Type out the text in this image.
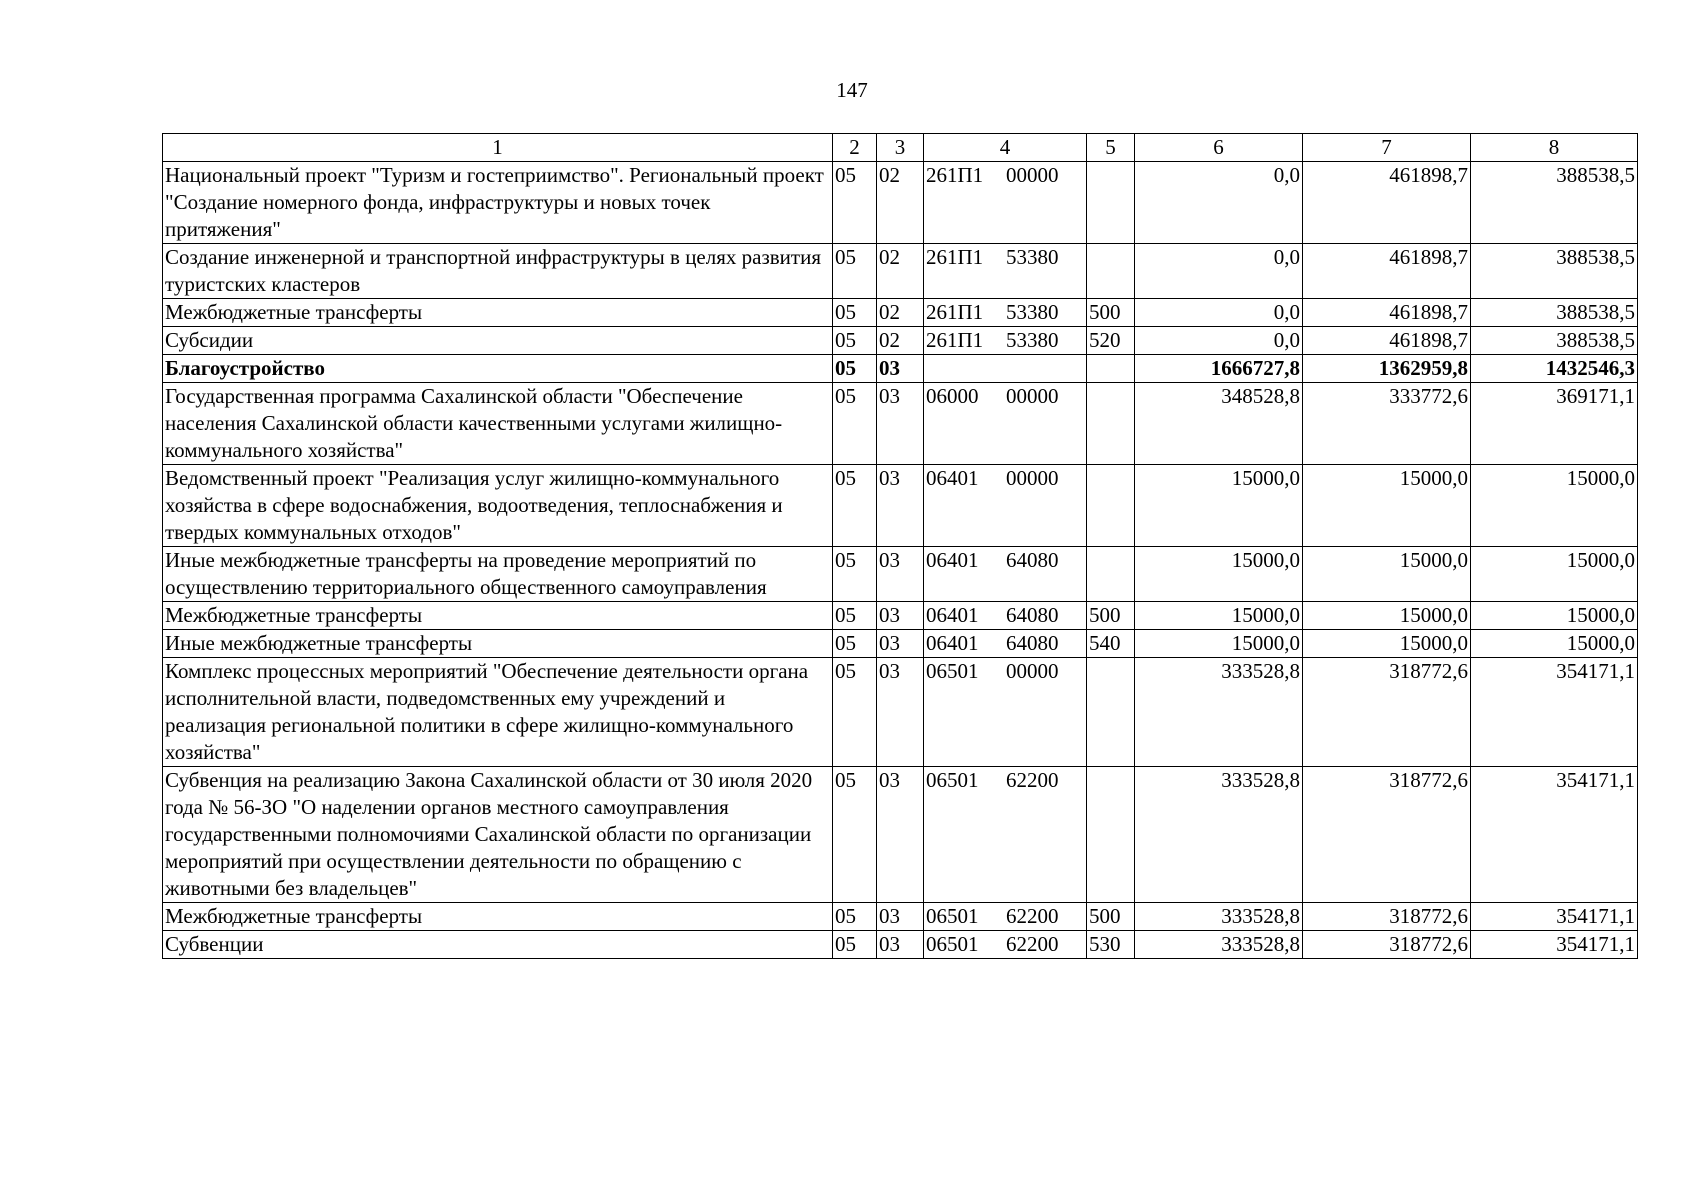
147
1	2	3	4	5	6	7	8
Национальный проект "Туризм и гостеприимство". Региональный проект "Создание номерного фонда, инфраструктуры и новых точек притяжения"	05	02	261П1 00000		0,0	461898,7	388538,5
Создание инженерной и транспортной инфраструктуры в целях развития туристских кластеров	05	02	261П1 53380		0,0	461898,7	388538,5
Межбюджетные трансферты	05	02	261П1 53380	500	0,0	461898,7	388538,5
Субсидии	05	02	261П1 53380	520	0,0	461898,7	388538,5
Благоустройство	05	03			1666727,8	1362959,8	1432546,3
Государственная программа Сахалинской области "Обеспечение населения Сахалинской области качественными услугами жилищно-коммунального хозяйства"	05	03	06000 00000		348528,8	333772,6	369171,1
Ведомственный проект "Реализация услуг жилищно-коммунального хозяйства в сфере водоснабжения, водоотведения, теплоснабжения и твердых коммунальных отходов"	05	03	06401 00000		15000,0	15000,0	15000,0
Иные межбюджетные трансферты на проведение мероприятий по осуществлению территориального общественного самоуправления	05	03	06401 64080		15000,0	15000,0	15000,0
Межбюджетные трансферты	05	03	06401 64080	500	15000,0	15000,0	15000,0
Иные межбюджетные трансферты	05	03	06401 64080	540	15000,0	15000,0	15000,0
Комплекс процессных мероприятий "Обеспечение деятельности органа исполнительной власти, подведомственных ему учреждений и реализация региональной политики в сфере жилищно-коммунального хозяйства"	05	03	06501 00000		333528,8	318772,6	354171,1
Субвенция на реализацию Закона Сахалинской области от 30 июля 2020 года № 56-ЗО "О наделении органов местного самоуправления государственными полномочиями Сахалинской области по организации мероприятий при осуществлении деятельности по обращению с животными без владельцев"	05	03	06501 62200		333528,8	318772,6	354171,1
Межбюджетные трансферты	05	03	06501 62200	500	333528,8	318772,6	354171,1
Субвенции	05	03	06501 62200	530	333528,8	318772,6	354171,1
